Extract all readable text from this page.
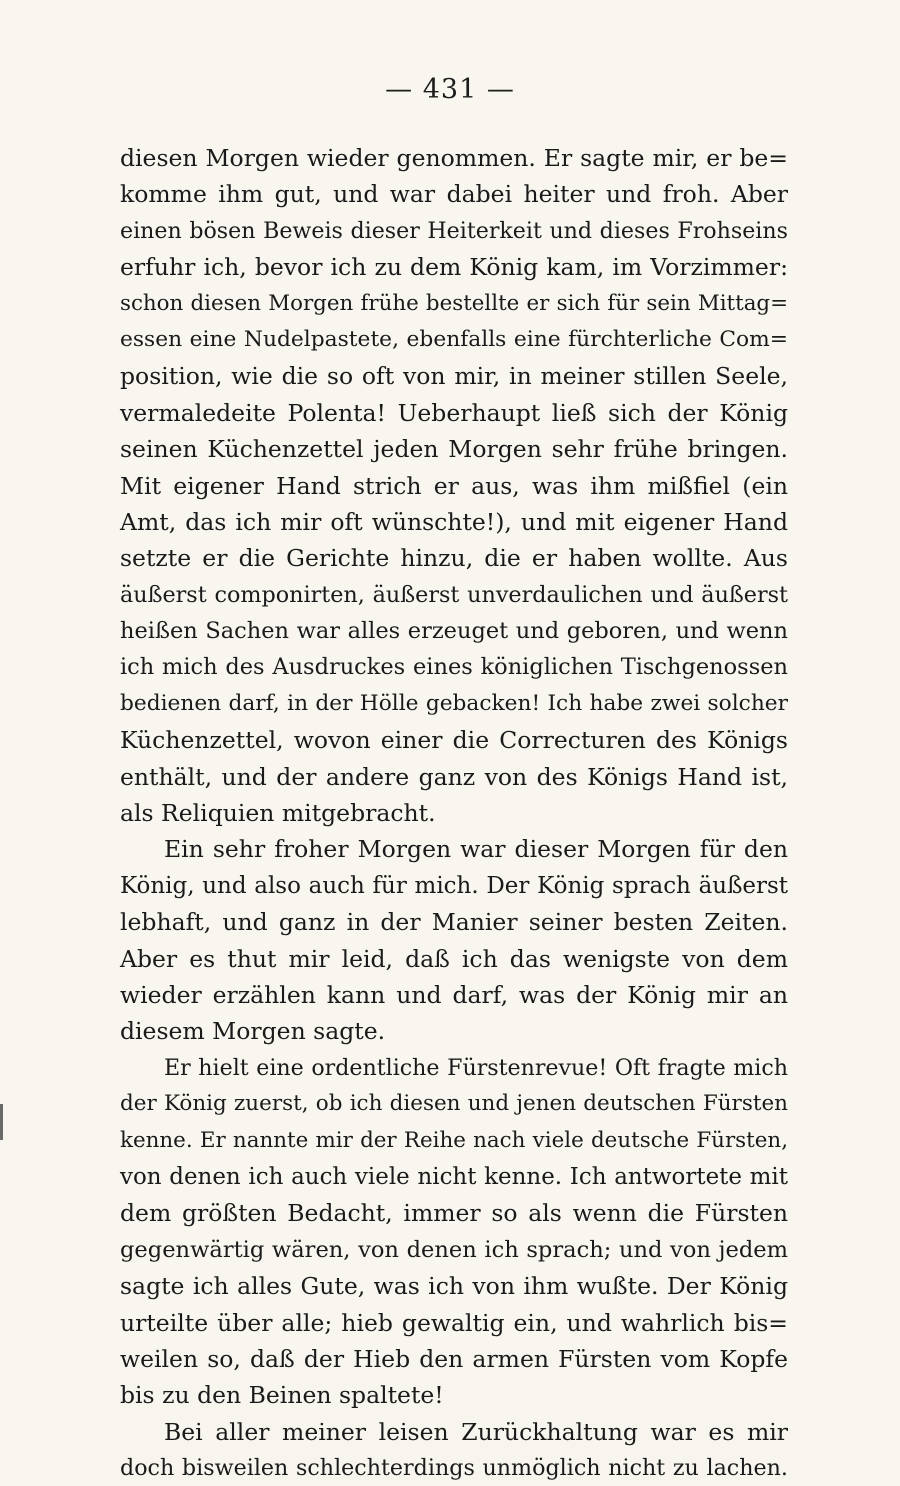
— 431 —
diesen Morgen wieder genommen. Er sagte mir, er be=
komme ihm gut, und war dabei heiter und froh. Aber
einen bösen Beweis dieser Heiterkeit und dieses Frohseins
erfuhr ich, bevor ich zu dem König kam, im Vorzimmer:
schon diesen Morgen frühe bestellte er sich für sein Mittag=
essen eine Nudelpastete, ebenfalls eine fürchterliche Com=
position, wie die so oft von mir, in meiner stillen Seele,
vermaledeite Polenta! Ueberhaupt ließ sich der König
seinen Küchenzettel jeden Morgen sehr frühe bringen.
Mit eigener Hand strich er aus, was ihm mißfiel (ein
Amt, das ich mir oft wünschte!), und mit eigener Hand
setzte er die Gerichte hinzu, die er haben wollte. Aus
äußerst componirten, äußerst unverdaulichen und äußerst
heißen Sachen war alles erzeuget und geboren, und wenn
ich mich des Ausdruckes eines königlichen Tischgenossen
bedienen darf, in der Hölle gebacken! Ich habe zwei solcher
Küchenzettel, wovon einer die Correcturen des Königs
enthält, und der andere ganz von des Königs Hand ist,
als Reliquien mitgebracht.
Ein sehr froher Morgen war dieser Morgen für den
König, und also auch für mich. Der König sprach äußerst
lebhaft, und ganz in der Manier seiner besten Zeiten.
Aber es thut mir leid, daß ich das wenigste von dem
wieder erzählen kann und darf, was der König mir an
diesem Morgen sagte.
Er hielt eine ordentliche Fürstenrevue! Oft fragte mich
der König zuerst, ob ich diesen und jenen deutschen Fürsten
kenne. Er nannte mir der Reihe nach viele deutsche Fürsten,
von denen ich auch viele nicht kenne. Ich antwortete mit
dem größten Bedacht, immer so als wenn die Fürsten
gegenwärtig wären, von denen ich sprach; und von jedem
sagte ich alles Gute, was ich von ihm wußte. Der König
urteilte über alle; hieb gewaltig ein, und wahrlich bis=
weilen so, daß der Hieb den armen Fürsten vom Kopfe
bis zu den Beinen spaltete!
Bei aller meiner leisen Zurückhaltung war es mir
doch bisweilen schlechterdings unmöglich nicht zu lachen.
